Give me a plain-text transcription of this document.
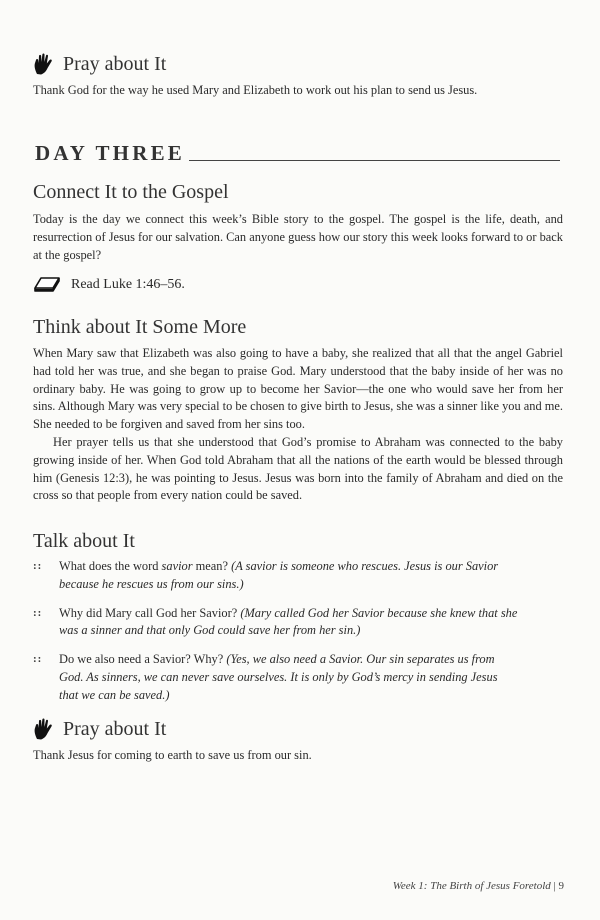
Pray about It
Thank God for the way he used Mary and Elizabeth to work out his plan to send us Jesus.
DAY THREE
Connect It to the Gospel
Today is the day we connect this week’s Bible story to the gospel. The gospel is the life, death, and resurrection of Jesus for our salvation. Can anyone guess how our story this week looks forward to or back at the gospel?
Read Luke 1:46–56.
Think about It Some More
When Mary saw that Elizabeth was also going to have a baby, she realized that all that the angel Gabriel had told her was true, and she began to praise God. Mary understood that the baby inside of her was no ordinary baby. He was going to grow up to become her Savior—the one who would save her from her sins. Although Mary was very special to be chosen to give birth to Jesus, she was a sinner like you and me. She needed to be forgiven and saved from her sins too.
Her prayer tells us that she understood that God’s promise to Abraham was connected to the baby growing inside of her. When God told Abraham that all the nations of the earth would be blessed through him (Genesis 12:3), he was pointing to Jesus. Jesus was born into the family of Abraham and died on the cross so that people from every nation could be saved.
Talk about It
::	What does the word savior mean? (A savior is someone who rescues. Jesus is our Savior because he rescues us from our sins.)
::	Why did Mary call God her Savior? (Mary called God her Savior because she knew that she was a sinner and that only God could save her from her sin.)
::	Do we also need a Savior? Why? (Yes, we also need a Savior. Our sin separates us from God. As sinners, we can never save ourselves. It is only by God’s mercy in sending Jesus that we can be saved.)
Pray about It
Thank Jesus for coming to earth to save us from our sin.
Week 1: The Birth of Jesus Foretold | 9
